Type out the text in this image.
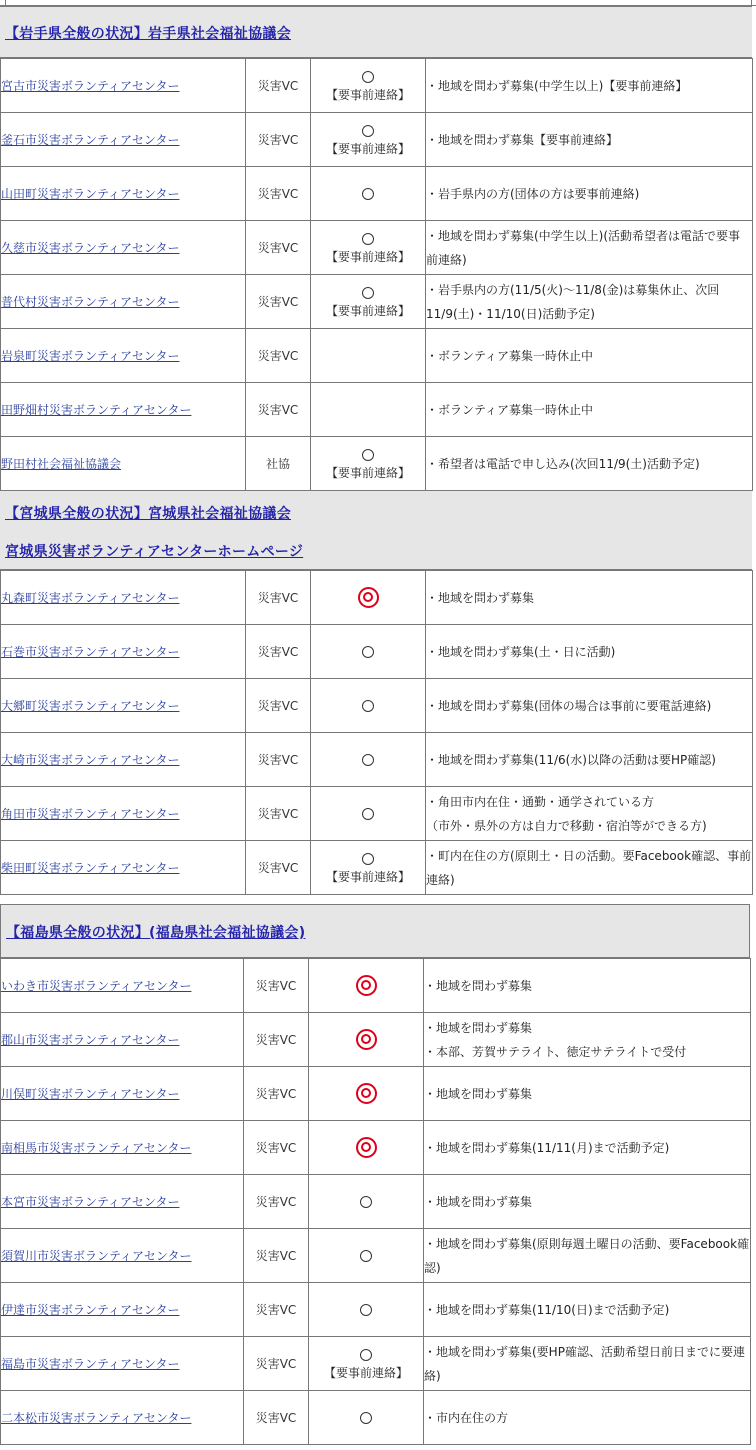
【岩手県全般の状況】岩手県社会福祉協議会
宮古市災害ボランティアセンター	災害VC	【要事前連絡】	・地域を問わず募集(中学生以上)【要事前連絡】

釜石市災害ボランティアセンター	災害VC	【要事前連絡】	・地域を問わず募集【要事前連絡】

山田町災害ボランティアセンター	災害VC		・岩手県内の方(団体の方は要事前連絡)

久慈市災害ボランティアセンター	災害VC	【要事前連絡】	・地域を問わず募集(中学生以上)(活動希望者は電話で要事前連絡)

普代村災害ボランティアセンター	災害VC	【要事前連絡】	・岩手県内の方(11/5(火)～11/8(金)は募集休止、次回11/9(土)・11/10(日)活動予定)

岩泉町災害ボランティアセンター	災害VC		・ボランティア募集一時休止中

田野畑村災害ボランティアセンター	災害VC		・ボランティア募集一時休止中

野田村社会福祉協議会	社協	【要事前連絡】	・希望者は電話で申し込み(次回11/9(土)活動予定)
【宮城県全般の状況】宮城県社会福祉協議会
宮城県災害ボランティアセンターホームページ
丸森町災害ボランティアセンター	災害VC		・地域を問わず募集

石巻市災害ボランティアセンター	災害VC		・地域を問わず募集(土・日に活動)

大郷町災害ボランティアセンター	災害VC		・地域を問わず募集(団体の場合は事前に要電話連絡)

大崎市災害ボランティアセンター	災害VC		・地域を問わず募集(11/6(水)以降の活動は要HP確認)

角田市災害ボランティアセンター	災害VC		・角田市内在住・通勤・通学されている方
（市外・県外の方は自力で移動・宿泊等ができる方)

柴田町災害ボランティアセンター	災害VC	【要事前連絡】	・町内在住の方(原則土・日の活動。要Facebook確認、事前連絡)
【福島県全般の状況】(福島県社会福祉協議会)
いわき市災害ボランティアセンター	災害VC		・地域を問わず募集

郡山市災害ボランティアセンター	災害VC		・地域を問わず募集
・本部、芳賀サテライト、徳定サテライトで受付

川俣町災害ボランティアセンター	災害VC		・地域を問わず募集

南相馬市災害ボランティアセンター	災害VC		・地域を問わず募集(11/11(月)まで活動予定)

本宮市災害ボランティアセンター	災害VC		・地域を問わず募集

須賀川市災害ボランティアセンター	災害VC		・地域を問わず募集(原則毎週土曜日の活動、要Facebook確認)

伊達市災害ボランティアセンター	災害VC		・地域を問わず募集(11/10(日)まで活動予定)

福島市災害ボランティアセンター	災害VC	【要事前連絡】	・地域を問わず募集(要HP確認、活動希望日前日までに要連絡)

二本松市災害ボランティアセンター	災害VC		・市内在住の方
